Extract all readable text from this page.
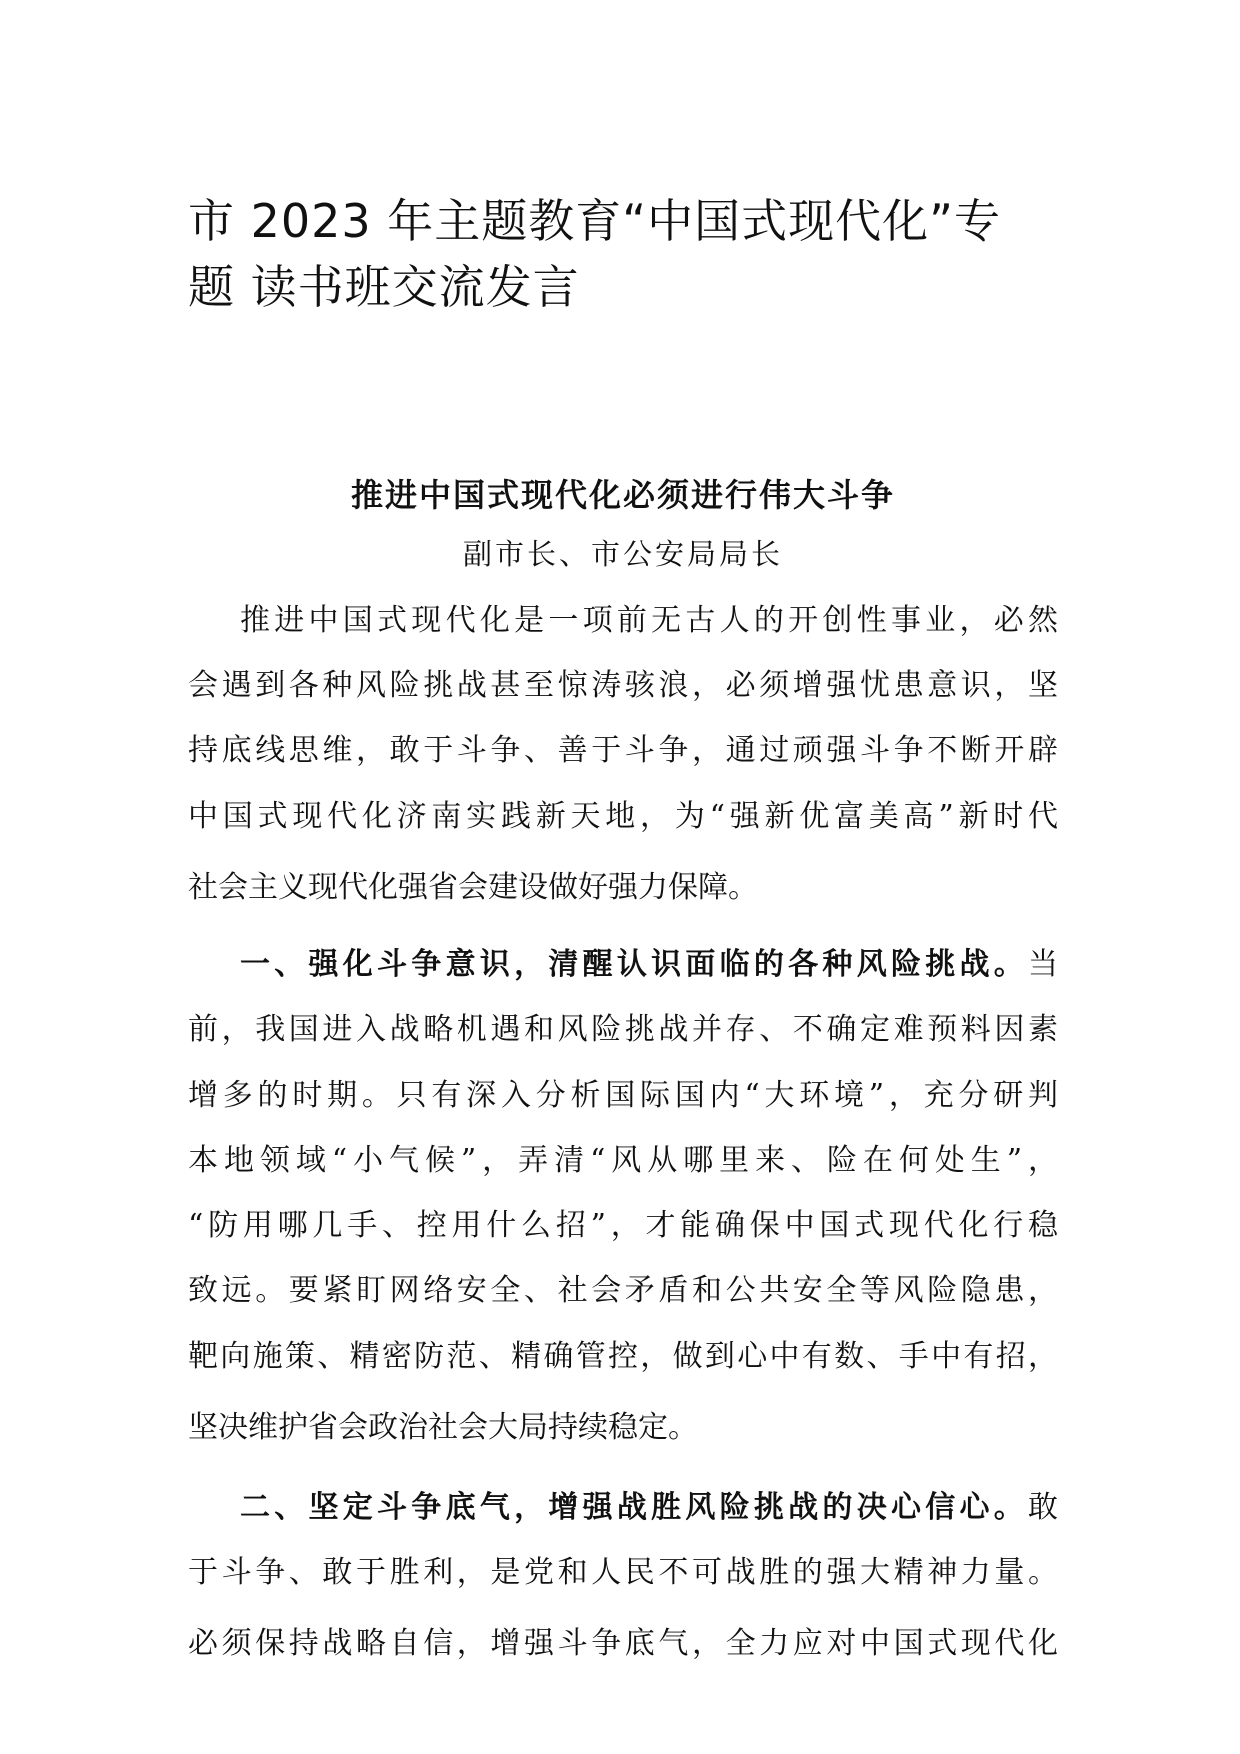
市 2023 年主题教育“中国式现代化”专
题 读书班交流发言
推进中国式现代化必须进行伟大斗争
副市长、市公安局局长
推进中国式现代化是一项前无古人的开创性事业，必然
会遇到各种风险挑战甚至惊涛骇浪，必须增强忧患意识，坚
持底线思维，敢于斗争、善于斗争，通过顽强斗争不断开辟
中国式现代化济南实践新天地，为“强新优富美高”新时代
社会主义现代化强省会建设做好强力保障。
一、强化斗争意识，清醒认识面临的各种风险挑战。当
前，我国进入战略机遇和风险挑战并存、不确定难预料因素
增多的时期。只有深入分析国际国内“大环境”，充分研判
本地领域“小气候”，弄清“风从哪里来、险在何处生”，
“防用哪几手、控用什么招”，才能确保中国式现代化行稳
致远。要紧盯网络安全、社会矛盾和公共安全等风险隐患，
靶向施策、精密防范、精确管控，做到心中有数、手中有招，
坚决维护省会政治社会大局持续稳定。
二、坚定斗争底气，增强战胜风险挑战的决心信心。敢
于斗争、敢于胜利，是党和人民不可战胜的强大精神力量。
必须保持战略自信，增强斗争底气，全力应对中国式现代化
